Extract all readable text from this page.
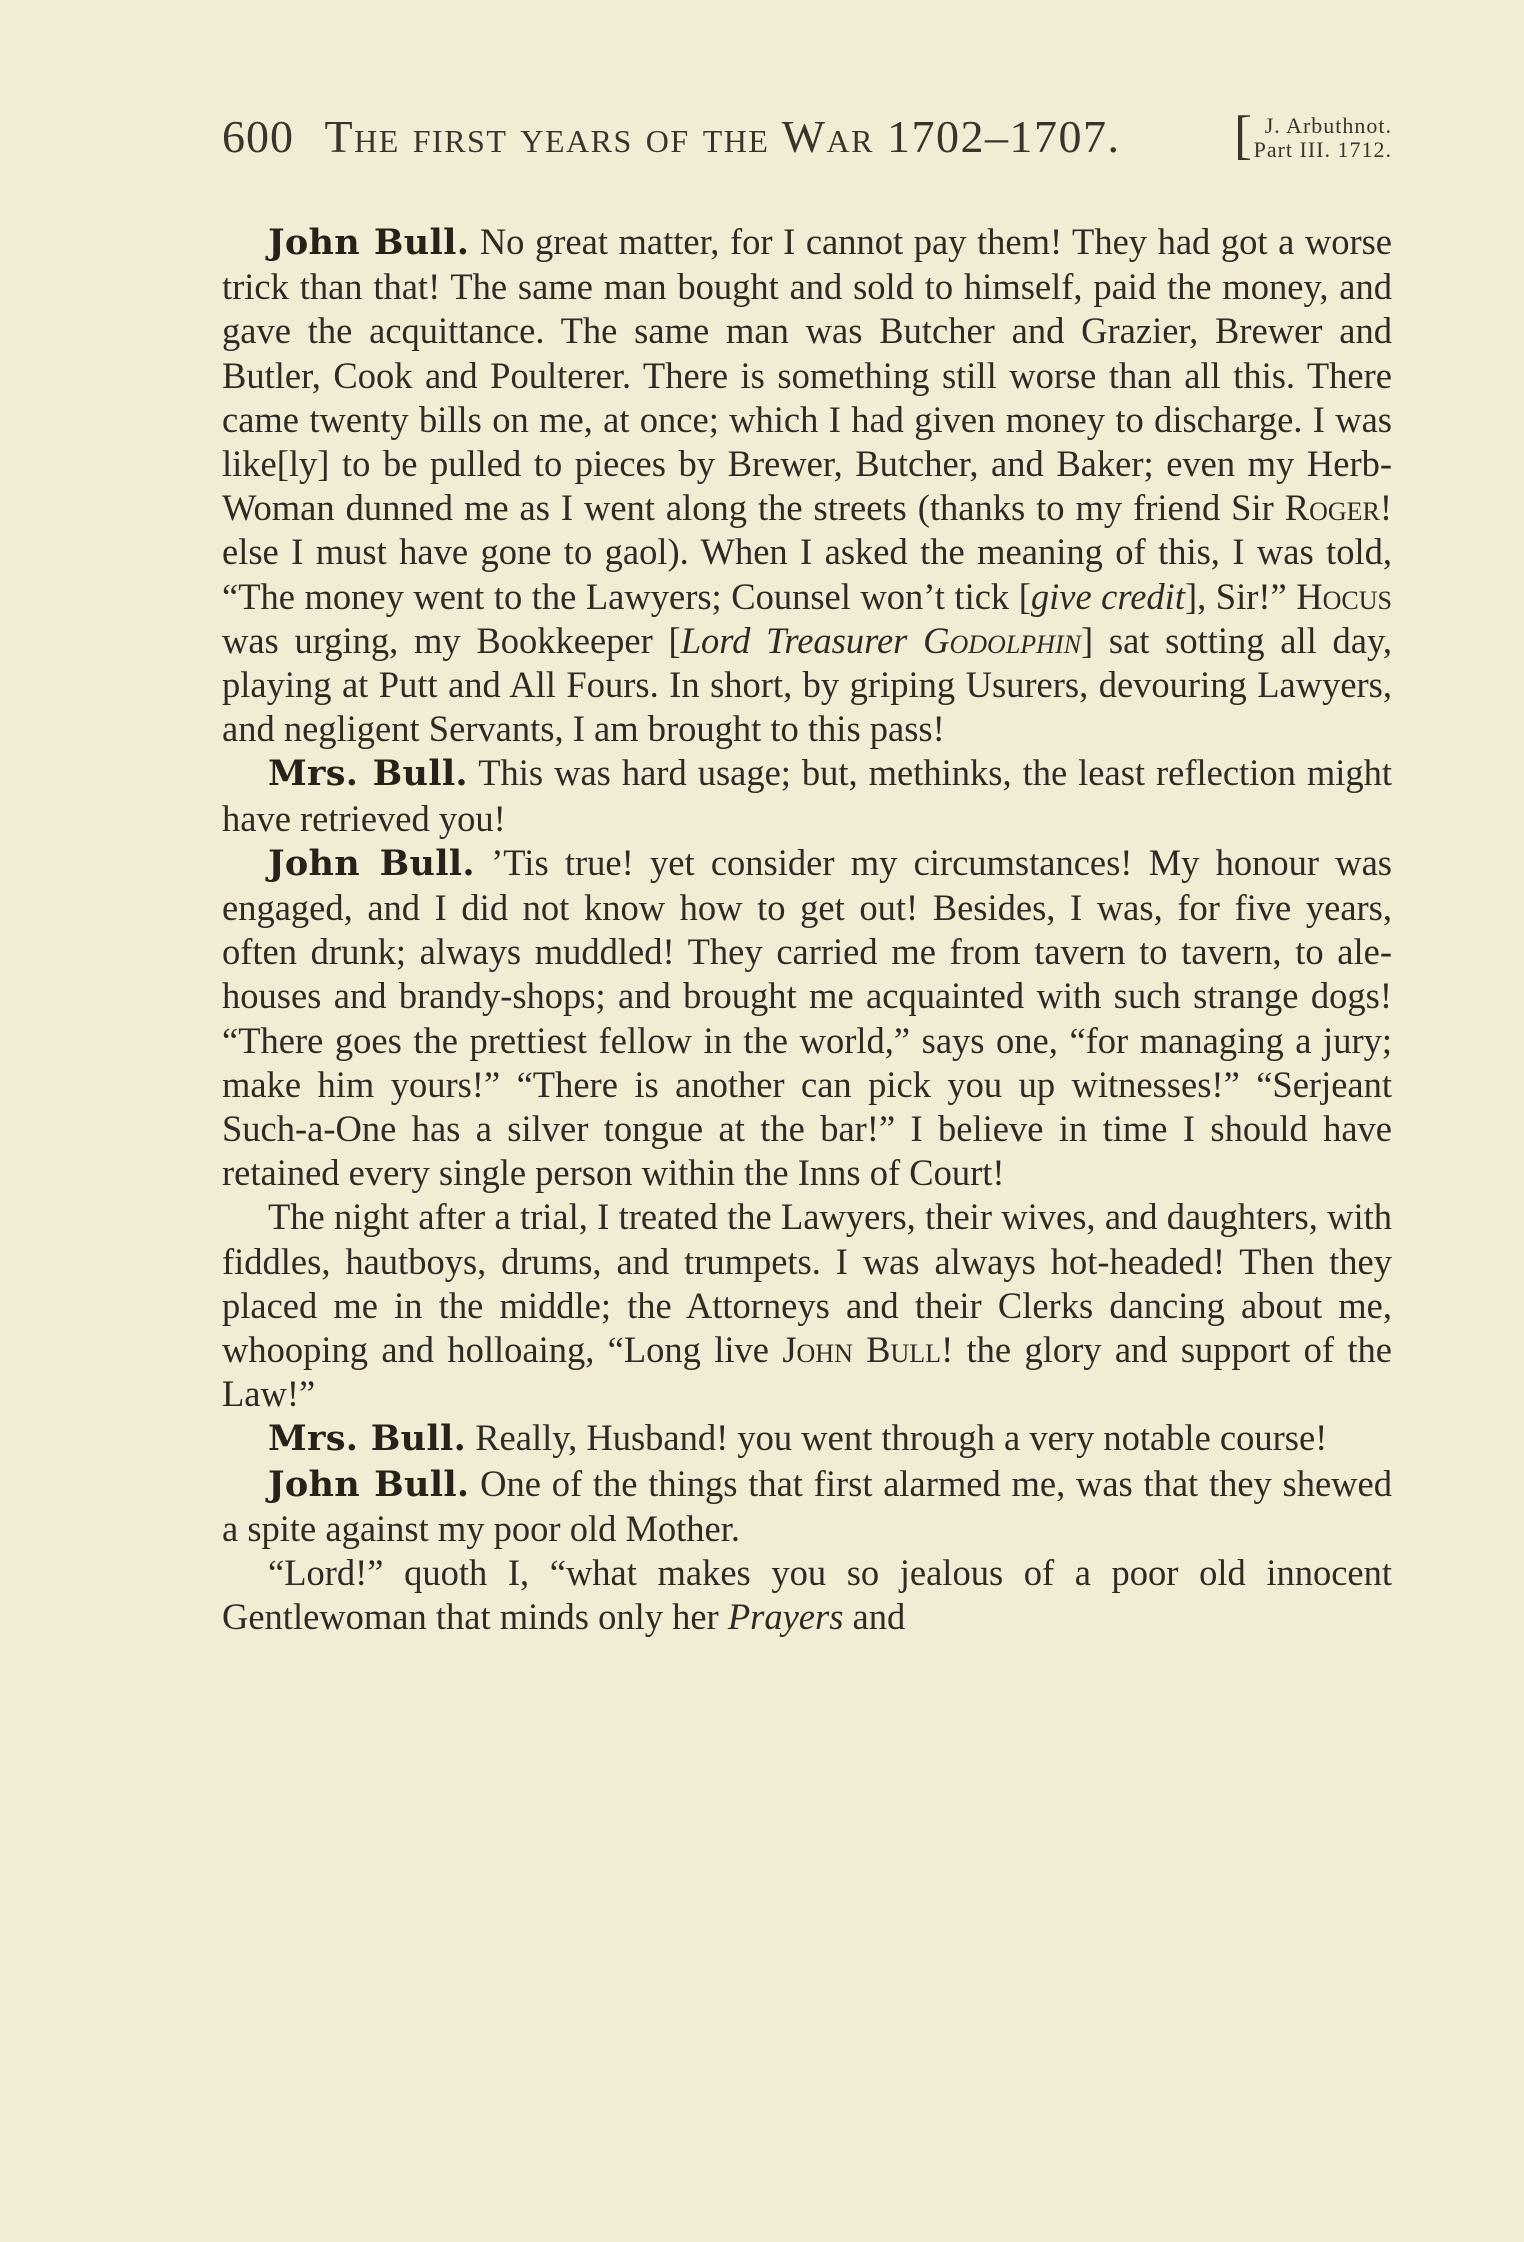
600 The first years of the War 1702–1707. [ J. Arbuthnot.
Part III. 1712.

John Bull. No great matter, for I cannot pay them! They had got a worse trick than that! The same man bought and sold to himself, paid the money, and gave the acquittance. The same man was Butcher and Grazier, Brewer and Butler, Cook and Poulterer. There is something still worse than all this. There came twenty bills on me, at once; which I had given money to discharge. I was like[ly] to be pulled to pieces by Brewer, Butcher, and Baker; even my Herb-Woman dunned me as I went along the streets (thanks to my friend Sir Roger! else I must have gone to gaol). When I asked the meaning of this, I was told, “The money went to the Lawyers; Counsel won’t tick [give credit], Sir!” Hocus was urging, my Bookkeeper [Lord Treasurer Godolphin] sat sotting all day, playing at Putt and All Fours. In short, by griping Usurers, devouring Lawyers, and negligent Servants, I am brought to this pass!

Mrs. Bull. This was hard usage; but, methinks, the least reflection might have retrieved you!

John Bull. ’Tis true! yet consider my circumstances! My honour was engaged, and I did not know how to get out! Besides, I was, for five years, often drunk; always muddled! They carried me from tavern to tavern, to ale-houses and brandy-shops; and brought me acquainted with such strange dogs! “There goes the prettiest fellow in the world,” says one, “for managing a jury; make him yours!” “There is another can pick you up witnesses!” “Serjeant Such-a-One has a silver tongue at the bar!” I believe in time I should have retained every single person within the Inns of Court!

The night after a trial, I treated the Lawyers, their wives, and daughters, with fiddles, hautboys, drums, and trumpets. I was always hot-headed! Then they placed me in the middle; the Attorneys and their Clerks dancing about me, whooping and holloaing, “Long live John Bull! the glory and support of the Law!”

Mrs. Bull. Really, Husband! you went through a very notable course!

John Bull. One of the things that first alarmed me, was that they shewed a spite against my poor old Mother.

“Lord!” quoth I, “what makes you so jealous of a poor old innocent Gentlewoman that minds only her Prayers and
